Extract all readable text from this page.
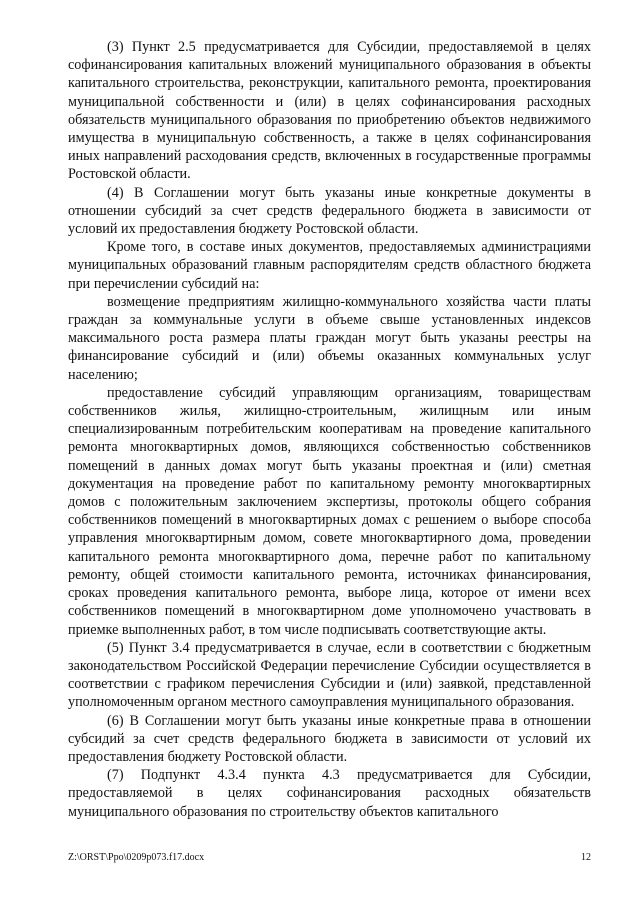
(3) Пункт 2.5 предусматривается для Субсидии, предоставляемой в целях софинансирования капитальных вложений муниципального образования в объекты капитального строительства, реконструкции, капитального ремонта, проектирования муниципальной собственности и (или) в целях софинансирования расходных обязательств муниципального образования по приобретению объектов недвижимого имущества в муниципальную собственность, а также в целях софинансирования иных направлений расходования средств, включенных в государственные программы Ростовской области.

(4) В Соглашении могут быть указаны иные конкретные документы в отношении субсидий за счет средств федерального бюджета в зависимости от условий их предоставления бюджету Ростовской области.

Кроме того, в составе иных документов, предоставляемых администрациями муниципальных образований главным распорядителям средств областного бюджета при перечислении субсидий на:

возмещение предприятиям жилищно-коммунального хозяйства части платы граждан за коммунальные услуги в объеме свыше установленных индексов максимального роста размера платы граждан могут быть указаны реестры на финансирование субсидий и (или) объемы оказанных коммунальных услуг населению;

предоставление субсидий управляющим организациям, товариществам собственников жилья, жилищно-строительным, жилищным или иным специализированным потребительским кооперативам на проведение капитального ремонта многоквартирных домов, являющихся собственностью собственников помещений в данных домах могут быть указаны проектная и (или) сметная документация на проведение работ по капитальному ремонту многоквартирных домов с положительным заключением экспертизы, протоколы общего собрания собственников помещений в многоквартирных домах с решением о выборе способа управления многоквартирным домом, совете многоквартирного дома, проведении капитального ремонта многоквартирного дома, перечне работ по капитальному ремонту, общей стоимости капитального ремонта, источниках финансирования, сроках проведения капитального ремонта, выборе лица, которое от имени всех собственников помещений в многоквартирном доме уполномочено участвовать в приемке выполненных работ, в том числе подписывать соответствующие акты.

(5) Пункт 3.4 предусматривается в случае, если в соответствии с бюджетным законодательством Российской Федерации перечисление Субсидии осуществляется в соответствии с графиком перечисления Субсидии и (или) заявкой, представленной уполномоченным органом местного самоуправления муниципального образования.

(6) В Соглашении могут быть указаны иные конкретные права в отношении субсидий за счет средств федерального бюджета в зависимости от условий их предоставления бюджету Ростовской области.

(7) Подпункт 4.3.4 пункта 4.3 предусматривается для Субсидии, предоставляемой в целях софинансирования расходных обязательств муниципального образования по строительству объектов капитального

Z:\ORST\Ppo\0209p073.f17.docx	12
